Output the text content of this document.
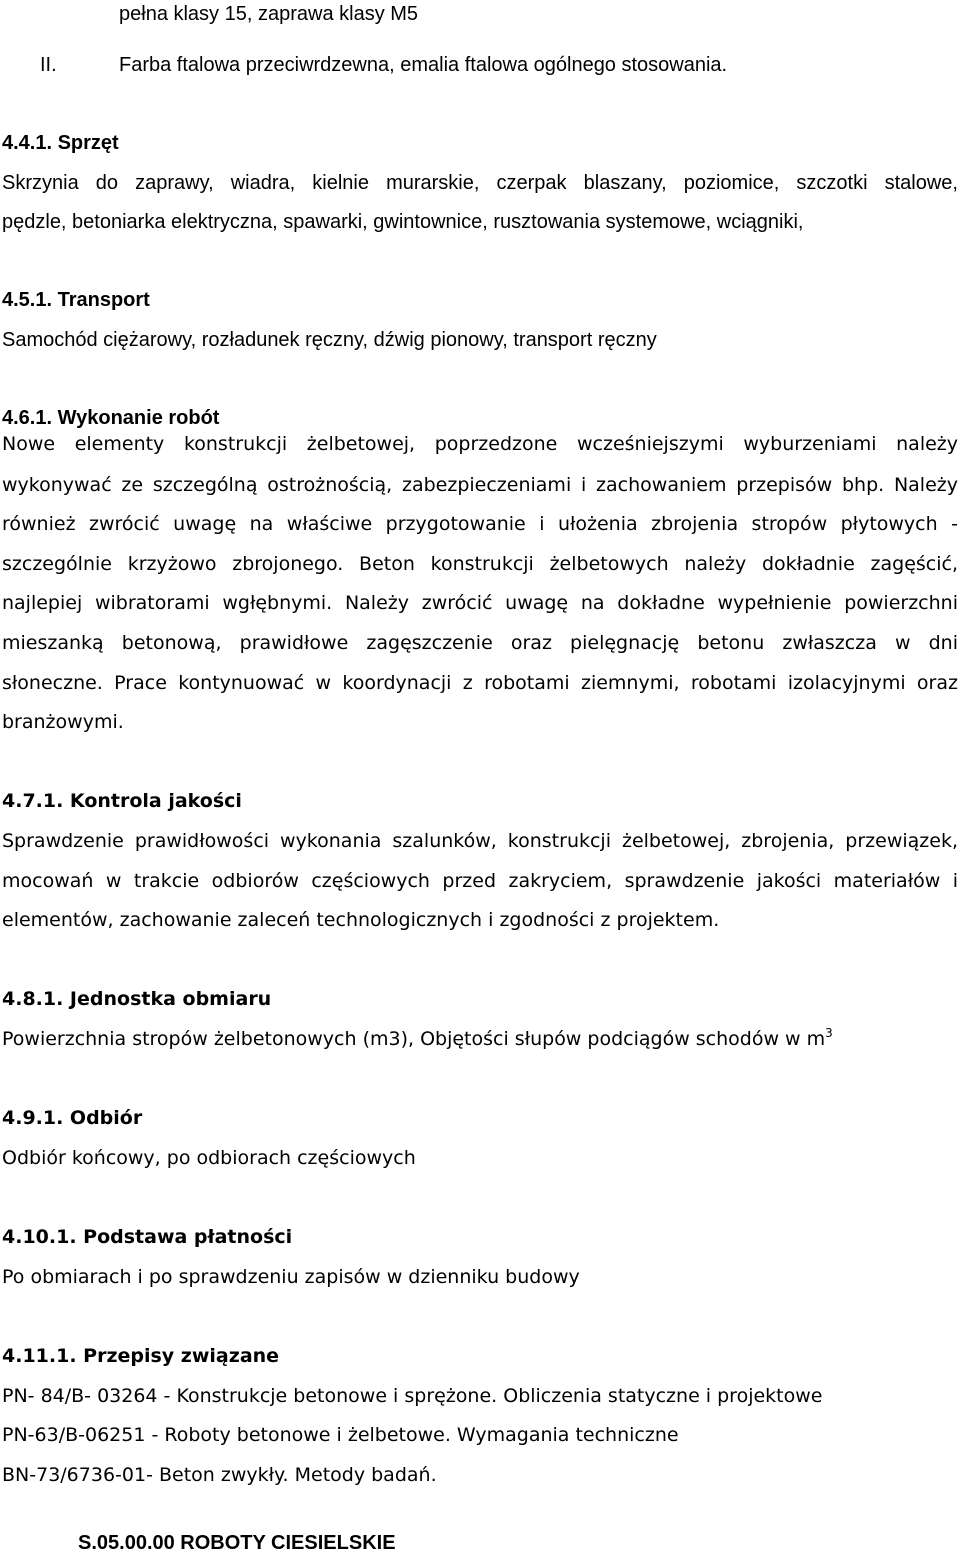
pełna klasy 15, zaprawa klasy M5
II.	Farba ftalowa przeciwrdzewna, emalia ftalowa ogólnego stosowania.
4.4.1. Sprzęt
Skrzynia do zaprawy, wiadra, kielnie murarskie, czerpak blaszany, poziomice, szczotki stalowe,
pędzle, betoniarka elektryczna, spawarki, gwintownice, rusztowania systemowe, wciągniki,
4.5.1. Transport
Samochód ciężarowy, rozładunek ręczny, dźwig pionowy, transport ręczny
4.6.1. Wykonanie robót
Nowe elementy konstrukcji żelbetowej, poprzedzone wcześniejszymi wyburzeniami należy
wykonywać ze szczególną ostrożnością, zabezpieczeniami i zachowaniem przepisów bhp. Należy
również zwrócić uwagę na właściwe przygotowanie i ułożenia zbrojenia stropów płytowych -
szczególnie krzyżowo zbrojonego. Beton konstrukcji żelbetowych należy dokładnie zagęścić,
najlepiej wibratorami wgłębnymi. Należy zwrócić uwagę na dokładne wypełnienie powierzchni
mieszanką betonową, prawidłowe zagęszczenie oraz pielęgnację betonu zwłaszcza w dni
słoneczne. Prace kontynuować w koordynacji z robotami ziemnymi, robotami izolacyjnymi oraz
branżowymi.
4.7.1. Kontrola jakości
Sprawdzenie prawidłowości wykonania szalunków, konstrukcji żelbetowej, zbrojenia, przewiązek,
mocowań w trakcie odbiorów częściowych przed zakryciem, sprawdzenie jakości materiałów i
elementów, zachowanie zaleceń technologicznych i zgodności z projektem.
4.8.1. Jednostka obmiaru
Powierzchnia stropów żelbetonowych (m3), Objętości słupów podciągów schodów w $m^3$
4.9.1. Odbiór
Odbiór końcowy, po odbiorach częściowych
4.10.1. Podstawa płatności
Po obmiarach i po sprawdzeniu zapisów w dzienniku budowy
4.11.1. Przepisy związane
PN- 84/B- 03264 - Konstrukcje betonowe i sprężone. Obliczenia statyczne i projektowe
PN-63/B-06251 - Roboty betonowe i żelbetowe. Wymagania techniczne
BN-73/6736-01- Beton zwykły. Metody badań.
S.05.00.00 ROBOTY CIESIELSKIE
